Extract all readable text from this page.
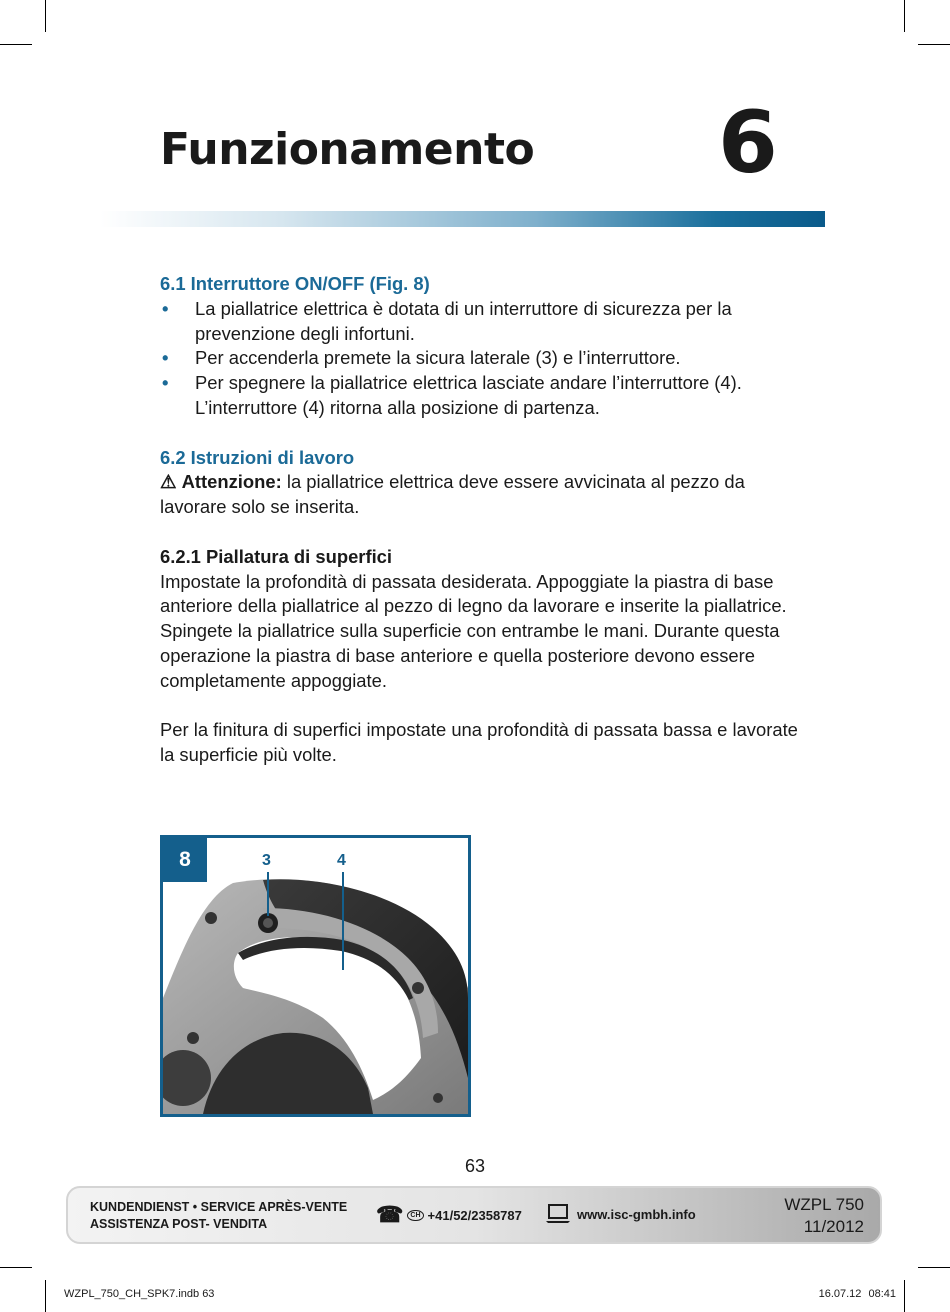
Funzionamento 6

6.1 Interruttore ON/OFF (Fig. 8)

• La piallatrice elettrica è dotata di un interruttore di sicurezza per la prevenzione degli infortuni.
• Per accenderla premete la sicura laterale (3) e l’interruttore.
• Per spegnere la piallatrice elettrica lasciate andare l’interruttore (4). L’interruttore (4) ritorna alla posizione di partenza.

6.2 Istruzioni di lavoro

⚠ Attenzione: la piallatrice elettrica deve essere avvicinata al pezzo da lavorare solo se inserita.

6.2.1 Piallatura di superfici

Impostate la profondità di passata desiderata. Appoggiate la piastra di base anteriore della piallatrice al pezzo di legno da lavorare e inserite la piallatrice. Spingete la piallatrice sulla superficie con entrambe le mani. Durante questa operazione la piastra di base anteriore e quella posteriore devono essere completamente appoggiate.

Per la finitura di superfici impostate una profondità di passata bassa e lavorate la superficie più volte.

8	3	4
63
KUNDENDIENST • SERVICE APRÈS-VENTE
ASSISTENZA POST- VENDITA	☎	CH +41/52/2358787	www.isc-gmbh.info	WZPL 750
11/2012
WZPL_750_CH_SPK7.indb 63	16.07.12 08:41
